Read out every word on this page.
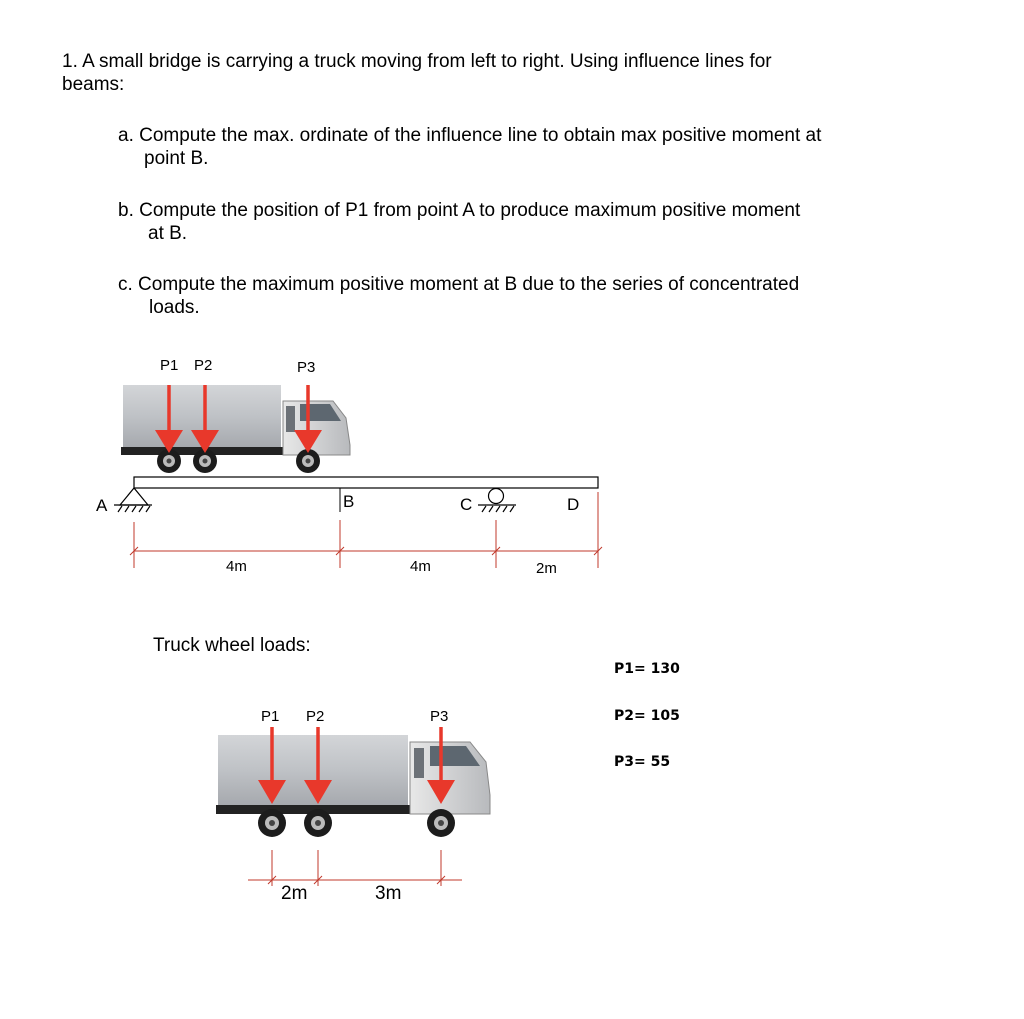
1. A small bridge is carrying a truck moving from left to right. Using influence lines for
beams:
a. Compute the max. ordinate of the influence line to obtain max positive moment at
point B.
b. Compute the position of P1 from point A to produce maximum positive moment
at B.
c. Compute the maximum positive moment at B due to the series of concentrated
loads.
Truck wheel loads:
P1= 130
P2= 105
P3= 55
P1 P2	P3
A	B	C	D
4m	4m	2m
P1 P2	P3
2m	3m
